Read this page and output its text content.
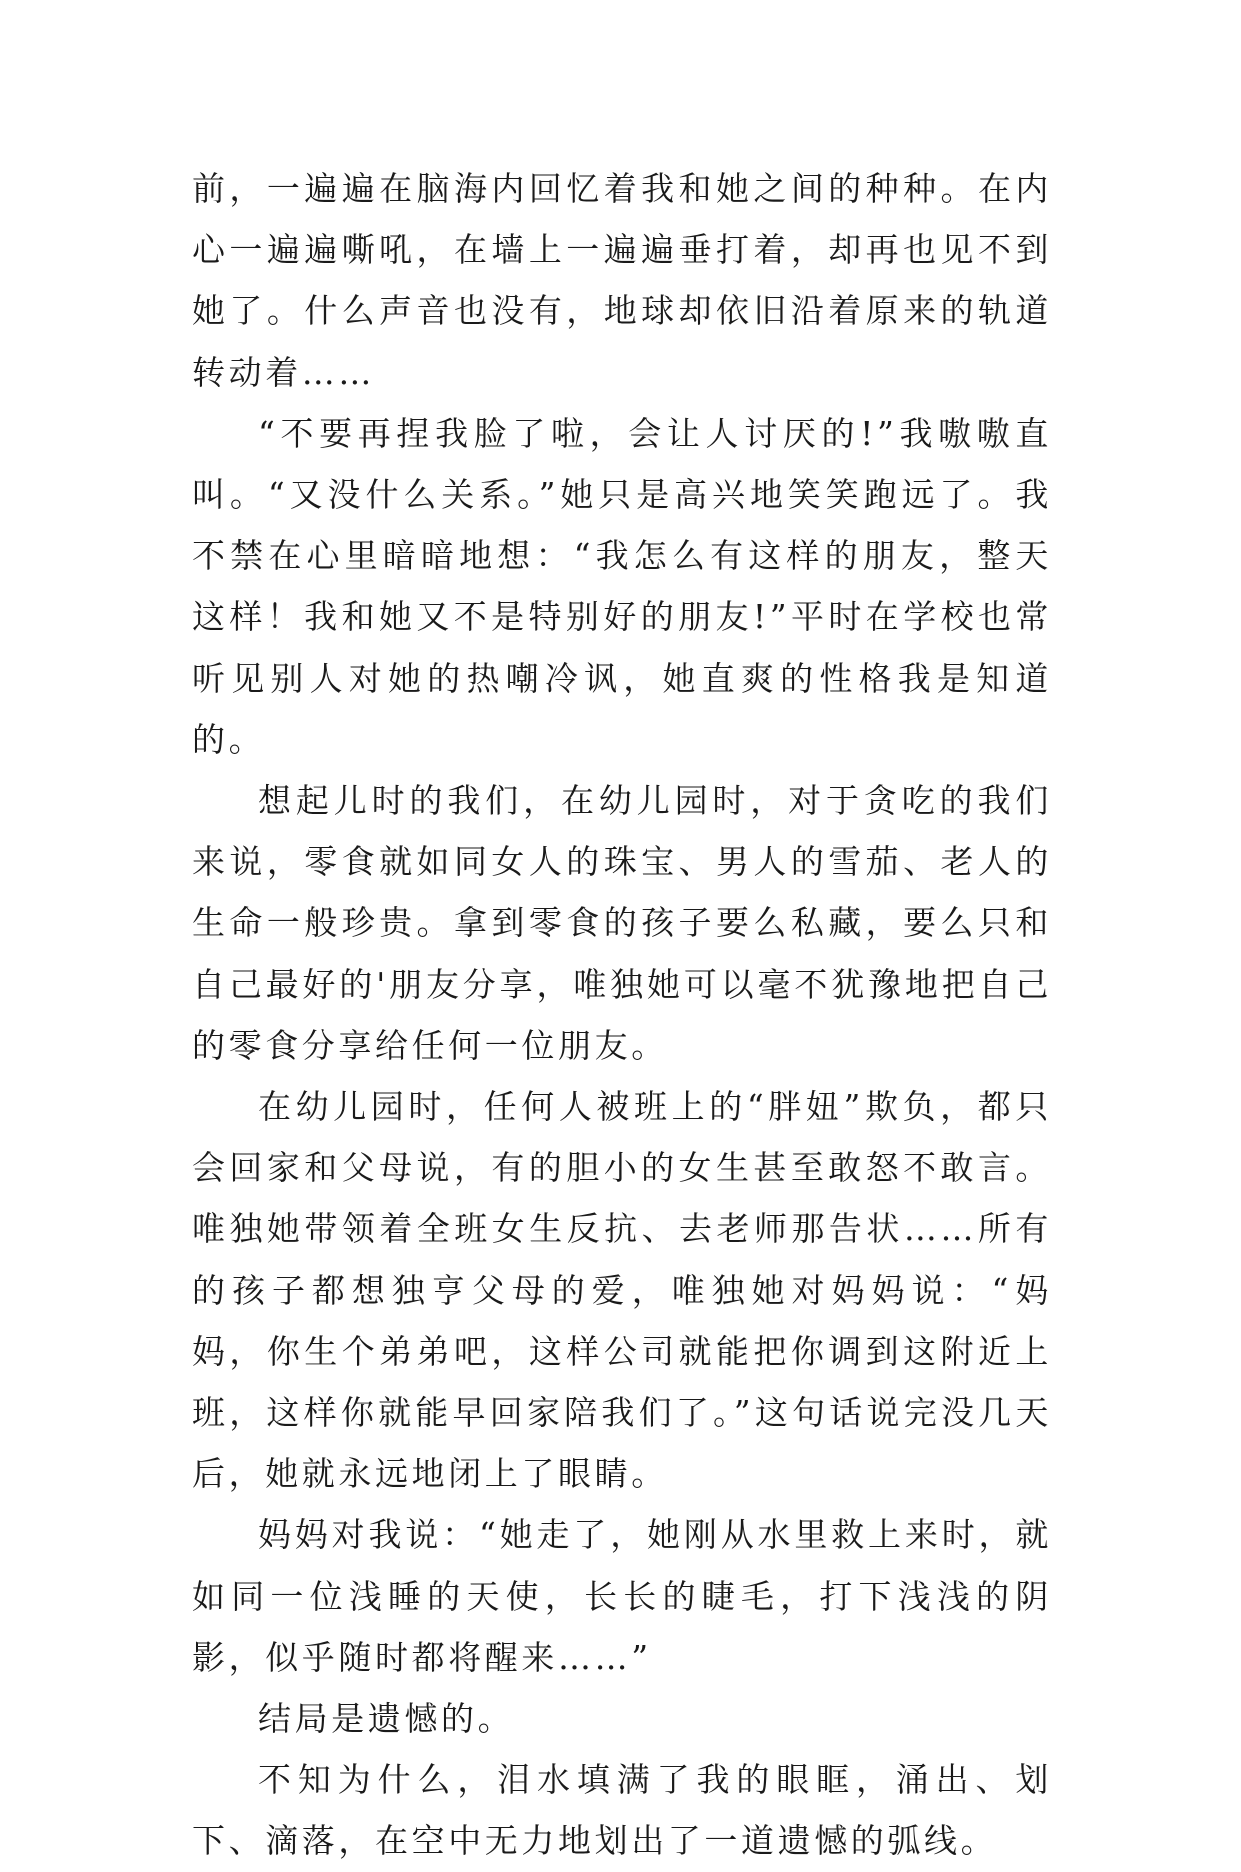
前，一遍遍在脑海内回忆着我和她之间的种种。在内心一遍遍嘶吼，在墙上一遍遍垂打着，却再也见不到她了。什么声音也没有，地球却依旧沿着原来的轨道转动着……

“不要再捏我脸了啦，会让人讨厌的!”我嗷嗷直叫。“又没什么关系。”她只是高兴地笑笑跑远了。我不禁在心里暗暗地想：“我怎么有这样的朋友，整天这样！我和她又不是特别好的朋友!”平时在学校也常听见别人对她的热嘲冷讽，她直爽的性格我是知道的。

想起儿时的我们，在幼儿园时，对于贪吃的我们来说，零食就如同女人的珠宝、男人的雪茄、老人的生命一般珍贵。拿到零食的孩子要么私藏，要么只和自己最好的'朋友分享，唯独她可以毫不犹豫地把自己的零食分享给任何一位朋友。

在幼儿园时，任何人被班上的“胖妞”欺负，都只会回家和父母说，有的胆小的女生甚至敢怒不敢言。唯独她带领着全班女生反抗、去老师那告状……所有的孩子都想独亨父母的爱，唯独她对妈妈说：“妈妈，你生个弟弟吧，这样公司就能把你调到这附近上班，这样你就能早回家陪我们了。”这句话说完没几天后，她就永远地闭上了眼睛。

妈妈对我说：“她走了，她刚从水里救上来时，就如同一位浅睡的天使，长长的睫毛，打下浅浅的阴影，似乎随时都将醒来……”

结局是遗憾的。

不知为什么，泪水填满了我的眼眶，涌出、划下、滴落，在空中无力地划出了一道遗憾的弧线。
